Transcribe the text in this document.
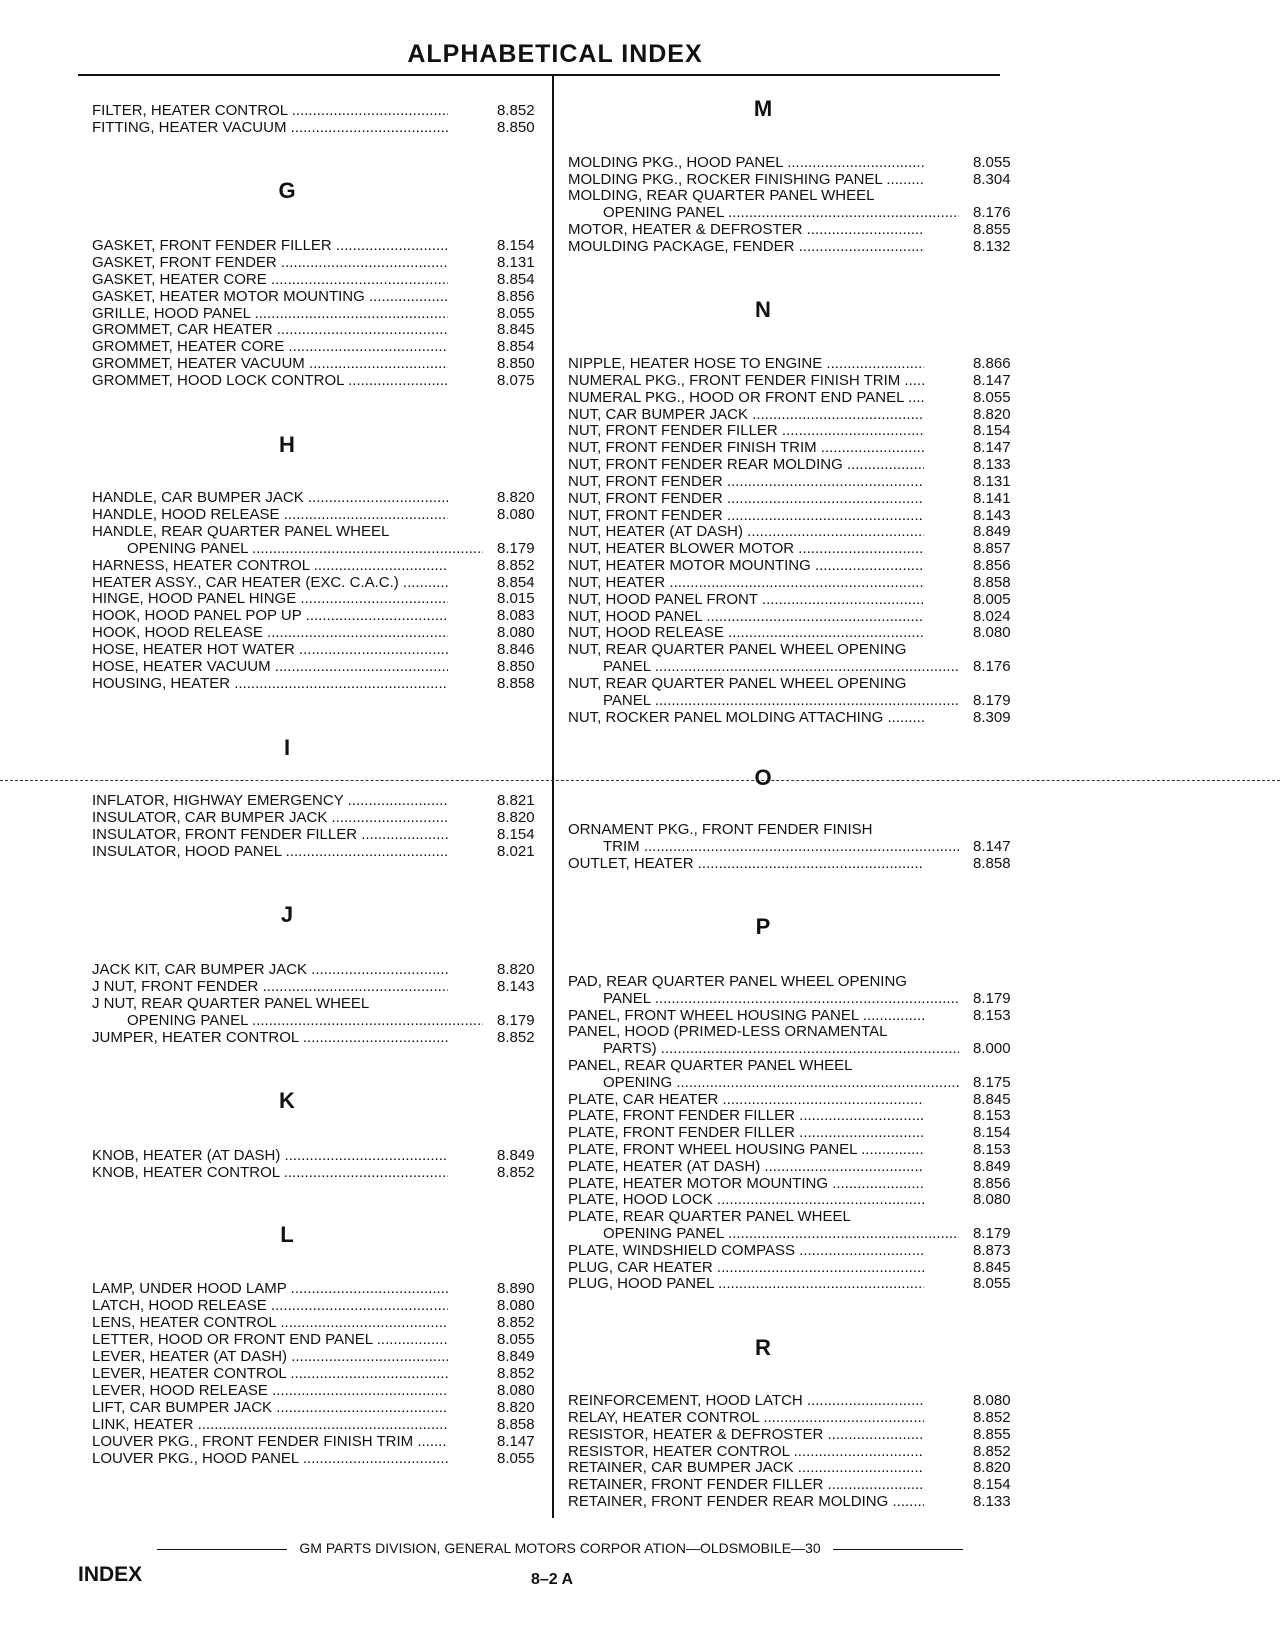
ALPHABETICAL INDEX
FILTER, HEATER CONTROL .....	8.852
FITTING, HEATER VACUUM .....	8.850
G
GASKET, FRONT FENDER FILLER .....	8.154
GASKET, FRONT FENDER .....	8.131
GASKET, HEATER CORE .....	8.854
GASKET, HEATER MOTOR MOUNTING .....	8.856
GRILLE, HOOD PANEL .....	8.055
GROMMET, CAR HEATER .....	8.845
GROMMET, HEATER CORE .....	8.854
GROMMET, HEATER VACUUM .....	8.850
GROMMET, HOOD LOCK CONTROL .....	8.075
H
HANDLE, CAR BUMPER JACK .....	8.820
HANDLE, HOOD RELEASE .....	8.080
HANDLE, REAR QUARTER PANEL WHEEL
OPENING PANEL .....	8.179
HARNESS, HEATER CONTROL .....	8.852
HEATER ASSY., CAR HEATER (EXC. C.A.C.) .....	8.854
HINGE, HOOD PANEL HINGE .....	8.015
HOOK, HOOD PANEL POP UP .....	8.083
HOOK, HOOD RELEASE .....	8.080
HOSE, HEATER HOT WATER .....	8.846
HOSE, HEATER VACUUM .....	8.850
HOUSING, HEATER .....	8.858
I
INFLATOR, HIGHWAY EMERGENCY .....	8.821
INSULATOR, CAR BUMPER JACK .....	8.820
INSULATOR, FRONT FENDER FILLER .....	8.154
INSULATOR, HOOD PANEL .....	8.021
J
JACK KIT, CAR BUMPER JACK .....	8.820
J NUT, FRONT FENDER .....	8.143
J NUT, REAR QUARTER PANEL WHEEL
OPENING PANEL .....	8.179
JUMPER, HEATER CONTROL .....	8.852
K
KNOB, HEATER (AT DASH) .....	8.849
KNOB, HEATER CONTROL .....	8.852
L
LAMP, UNDER HOOD LAMP .....	8.890
LATCH, HOOD RELEASE .....	8.080
LENS, HEATER CONTROL .....	8.852
LETTER, HOOD OR FRONT END PANEL .....	8.055
LEVER, HEATER (AT DASH) .....	8.849
LEVER, HEATER CONTROL .....	8.852
LEVER, HOOD RELEASE .....	8.080
LIFT, CAR BUMPER JACK .....	8.820
LINK, HEATER .....	8.858
LOUVER PKG., FRONT FENDER FINISH TRIM .....	8.147
LOUVER PKG., HOOD PANEL .....	8.055
M
MOLDING PKG., HOOD PANEL .....	8.055
MOLDING PKG., ROCKER FINISHING PANEL .....	8.304
MOLDING, REAR QUARTER PANEL WHEEL
OPENING PANEL .....	8.176
MOTOR, HEATER & DEFROSTER .....	8.855
MOULDING PACKAGE, FENDER .....	8.132
N
NIPPLE, HEATER HOSE TO ENGINE .....	8.866
NUMERAL PKG., FRONT FENDER FINISH TRIM .....	8.147
NUMERAL PKG., HOOD OR FRONT END PANEL .....	8.055
NUT, CAR BUMPER JACK .....	8.820
NUT, FRONT FENDER FILLER .....	8.154
NUT, FRONT FENDER FINISH TRIM .....	8.147
NUT, FRONT FENDER REAR MOLDING .....	8.133
NUT, FRONT FENDER .....	8.131
NUT, FRONT FENDER .....	8.141
NUT, FRONT FENDER .....	8.143
NUT, HEATER (AT DASH) .....	8.849
NUT, HEATER BLOWER MOTOR .....	8.857
NUT, HEATER MOTOR MOUNTING .....	8.856
NUT, HEATER .....	8.858
NUT, HOOD PANEL FRONT .....	8.005
NUT, HOOD PANEL .....	8.024
NUT, HOOD RELEASE .....	8.080
NUT, REAR QUARTER PANEL WHEEL OPENING
PANEL .....	8.176
NUT, REAR QUARTER PANEL WHEEL OPENING
PANEL .....	8.179
NUT, ROCKER PANEL MOLDING ATTACHING .....	8.309
O
ORNAMENT PKG., FRONT FENDER FINISH
TRIM .....	8.147
OUTLET, HEATER .....	8.858
P
PAD, REAR QUARTER PANEL WHEEL OPENING
PANEL .....	8.179
PANEL, FRONT WHEEL HOUSING PANEL .....	8.153
PANEL, HOOD (PRIMED-LESS ORNAMENTAL
PARTS) .....	8.000
PANEL, REAR QUARTER PANEL WHEEL
OPENING .....	8.175
PLATE, CAR HEATER .....	8.845
PLATE, FRONT FENDER FILLER .....	8.153
PLATE, FRONT FENDER FILLER .....	8.154
PLATE, FRONT WHEEL HOUSING PANEL .....	8.153
PLATE, HEATER (AT DASH) .....	8.849
PLATE, HEATER MOTOR MOUNTING .....	8.856
PLATE, HOOD LOCK .....	8.080
PLATE, REAR QUARTER PANEL WHEEL
OPENING PANEL .....	8.179
PLATE, WINDSHIELD COMPASS .....	8.873
PLUG, CAR HEATER .....	8.845
PLUG, HOOD PANEL .....	8.055
R
REINFORCEMENT, HOOD LATCH .....	8.080
RELAY, HEATER CONTROL .....	8.852
RESISTOR, HEATER & DEFROSTER .....	8.855
RESISTOR, HEATER CONTROL .....	8.852
RETAINER, CAR BUMPER JACK .....	8.820
RETAINER, FRONT FENDER FILLER .....	8.154
RETAINER, FRONT FENDER REAR MOLDING .....	8.133
GM PARTS DIVISION, GENERAL MOTORS CORPOR ATION—OLDSMOBILE—30
INDEX	8–2 A
